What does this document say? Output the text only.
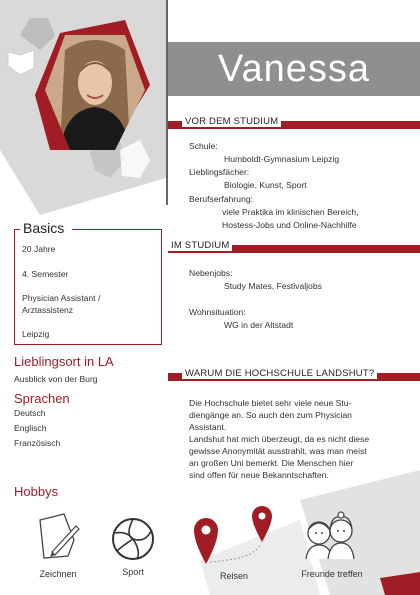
Vanessa
VOR DEM STUDIUM
Schule:
Humboldt-Gymnasium Leipzig
Lieblingsfächer:
Biologie, Kunst, Sport
Berufserfahrung:
viele Praktika im klinischen Bereich,
Hostess-Jobs und Online-Nachhilfe
IM STUDIUM
Nebenjobs:
Study Mates, Festivaljobs
Wohnsituation:
WG in der Altstadt
WARUM DIE HOCHSCHULE LANDSHUT?
Die Hochschule bietet sehr viele neue Stu-
diengänge an. So auch den zum Physician
Assistant.
Landshut hat mich überzeugt, da es nicht diese
gewisse Anonymität ausstrahlt, was man meist
an großen Uni bemerkt. Die Menschen hier
sind offen für neue Bekanntschaften.
Basics
20 Jahre
4. Semester
Physician Assistant /
Arztassistenz
Leipzig
Lieblingsort in LA
Ausblick von der Burg
Sprachen
Deutsch
Englisch
Französisch
Hobbys
Zeichnen	Sport	Reisen	Freunde treffen
